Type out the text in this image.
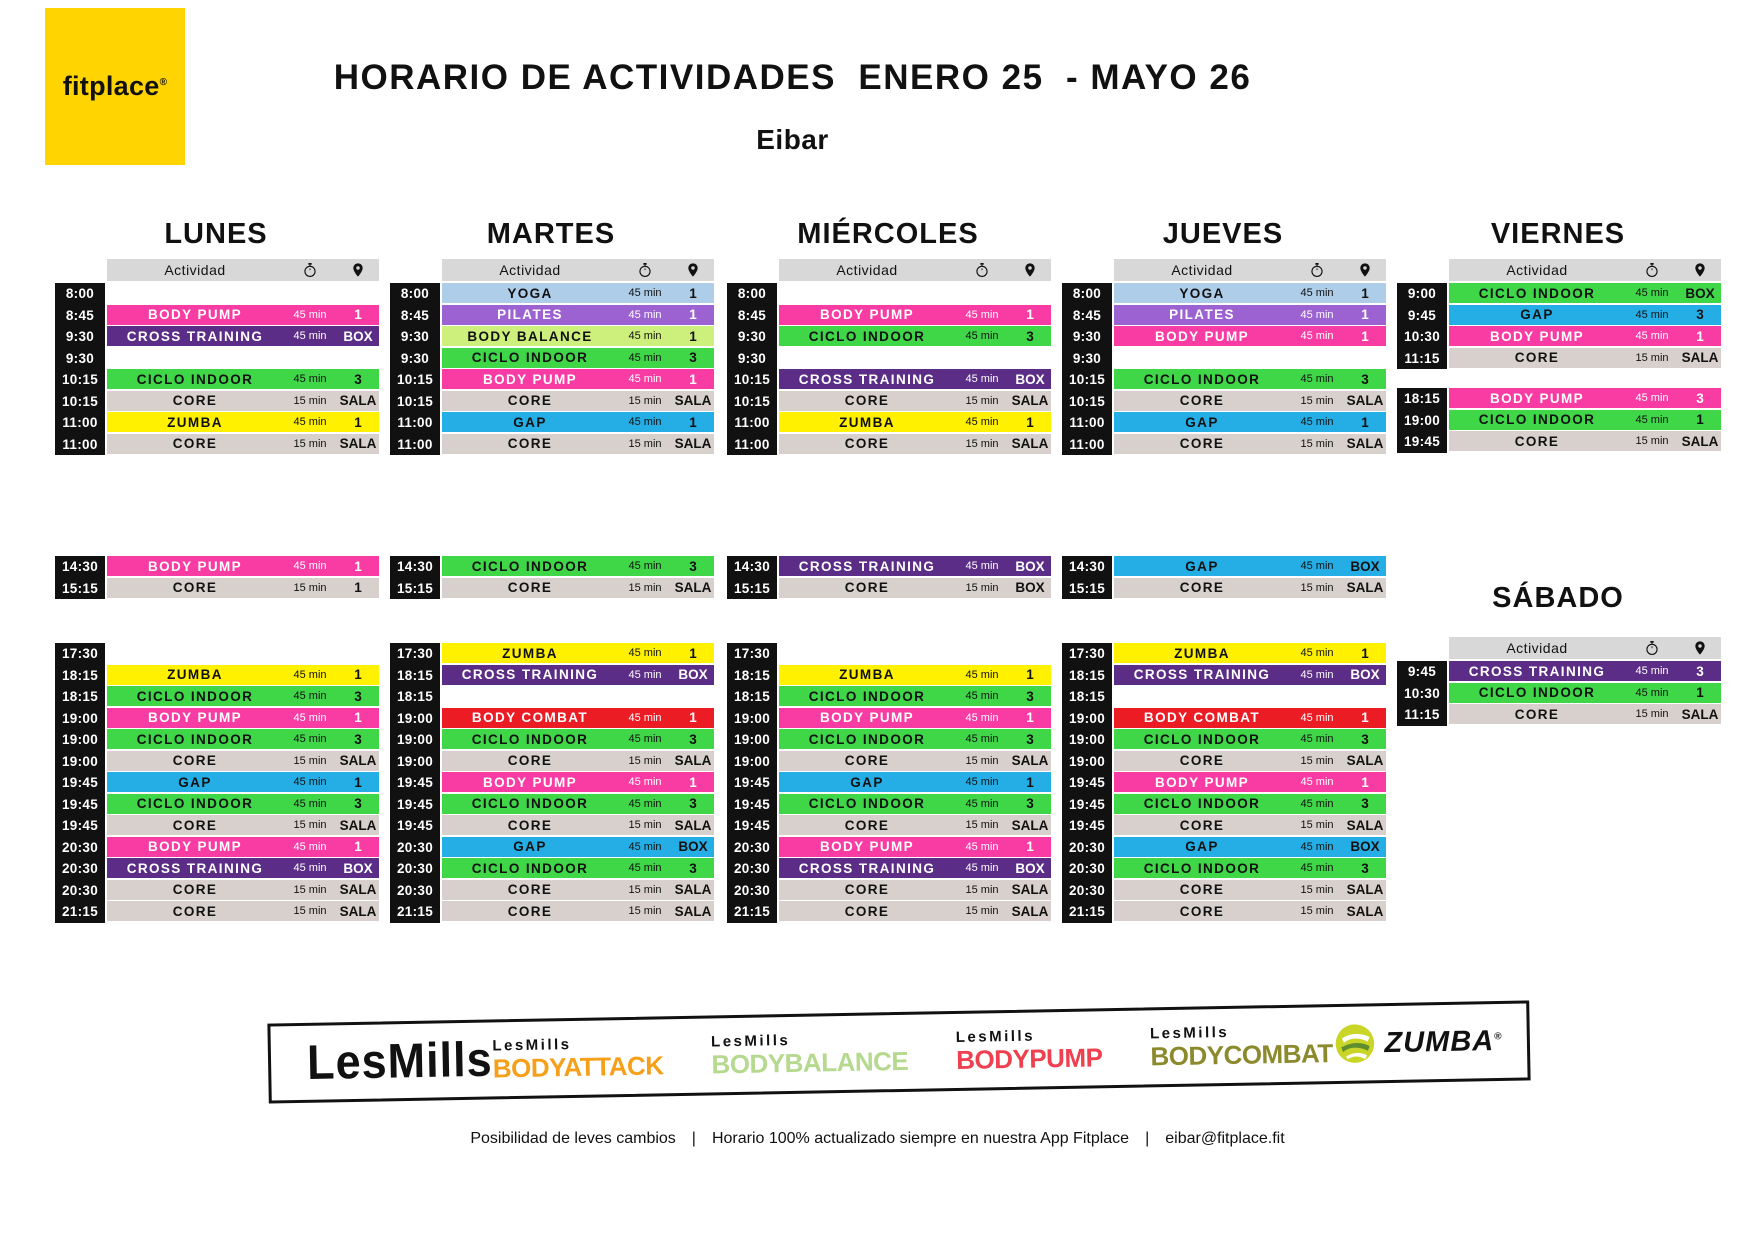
fitplace®	HORARIO DE ACTIVIDADES  ENERO 25  - MAYO 26
Eibar
LUNES
Actividad
8:00
8:45	BODY PUMP	45 min	1
9:30	CROSS TRAINING	45 min	BOX
9:30
10:15	CICLO INDOOR	45 min	3
10:15	CORE	15 min SALA
11:00	ZUMBA	45 min	1
11:00	CORE	15 min SALA
14:30	BODY PUMP	45 min	1
15:15	CORE	15 min	1
17:30
18:15	ZUMBA	45 min	1
18:15	CICLO INDOOR	45 min	3
19:00	BODY PUMP	45 min	1
19:00	CICLO INDOOR	45 min	3
19:00	CORE	15 min SALA
19:45	GAP	45 min	1
19:45	CICLO INDOOR	45 min	3
19:45	CORE	15 min SALA
20:30	BODY PUMP	45 min	1
20:30	CROSS TRAINING	45 min	BOX
20:30	CORE	15 min SALA
21:15	CORE	15 min SALA
MARTES
Actividad
8:00	YOGA	45 min	1
8:45	PILATES	45 min	1
9:30	BODY BALANCE	45 min	1
9:30	CICLO INDOOR	45 min	3
10:15	BODY PUMP	45 min	1
10:15	CORE	15 min SALA
11:00	GAP	45 min	1
11:00	CORE	15 min SALA
14:30	CICLO INDOOR	45 min	3
15:15	CORE	15 min SALA
17:30	ZUMBA	45 min	1
18:15	CROSS TRAINING	45 min	BOX
18:15
19:00	BODY COMBAT	45 min	1
19:00	CICLO INDOOR	45 min	3
19:00	CORE	15 min SALA
19:45	BODY PUMP	45 min	1
19:45	CICLO INDOOR	45 min	3
19:45	CORE	15 min SALA
20:30	GAP	45 min	BOX
20:30	CICLO INDOOR	45 min	3
20:30	CORE	15 min SALA
21:15	CORE	15 min SALA
MIÉRCOLES
Actividad
8:00
8:45	BODY PUMP	45 min	1
9:30	CICLO INDOOR	45 min	3
9:30
10:15	CROSS TRAINING	45 min	BOX
10:15	CORE	15 min SALA
11:00	ZUMBA	45 min	1
11:00	CORE	15 min SALA
14:30	CROSS TRAINING	45 min	BOX
15:15	CORE	15 min	BOX
17:30
18:15	ZUMBA	45 min	1
18:15	CICLO INDOOR	45 min	3
19:00	BODY PUMP	45 min	1
19:00	CICLO INDOOR	45 min	3
19:00	CORE	15 min SALA
19:45	GAP	45 min	1
19:45	CICLO INDOOR	45 min	3
19:45	CORE	15 min SALA
20:30	BODY PUMP	45 min	1
20:30	CROSS TRAINING	45 min	BOX
20:30	CORE	15 min SALA
21:15	CORE	15 min SALA
JUEVES
Actividad
8:00	YOGA	45 min	1
8:45	PILATES	45 min	1
9:30	BODY PUMP	45 min	1
9:30
10:15	CICLO INDOOR	45 min	3
10:15	CORE	15 min SALA
11:00	GAP	45 min	1
11:00	CORE	15 min SALA
14:30	GAP	45 min	BOX
15:15	CORE	15 min SALA
17:30	ZUMBA	45 min	1
18:15	CROSS TRAINING	45 min	BOX
18:15
19:00	BODY COMBAT	45 min	1
19:00	CICLO INDOOR	45 min	3
19:00	CORE	15 min SALA
19:45	BODY PUMP	45 min	1
19:45	CICLO INDOOR	45 min	3
19:45	CORE	15 min SALA
20:30	GAP	45 min	BOX
20:30	CICLO INDOOR	45 min	3
20:30	CORE	15 min SALA
21:15	CORE	15 min SALA
VIERNES
Actividad
9:00	CICLO INDOOR	45 min	BOX
9:45	GAP	45 min	3
10:30	BODY PUMP	45 min	1
11:15	CORE	15 min SALA
18:15	BODY PUMP	45 min	3
19:00	CICLO INDOOR	45 min	1
19:45	CORE	15 min SALA
SÁBADO
Actividad
9:45	CROSS TRAINING	45 min	3
10:30	CICLO INDOOR	45 min	1
11:15	CORE	15 min SALA
LesMills LesMills
BODYATTACK
LesMills
BODYBALANCE
LesMills
BODYPUMP
LesMills
BODYCOMBAT ZUMBA®
Posibilidad de leves cambios | Horario 100% actualizado siempre en nuestra App Fitplace | eibar@fitplace.fit
